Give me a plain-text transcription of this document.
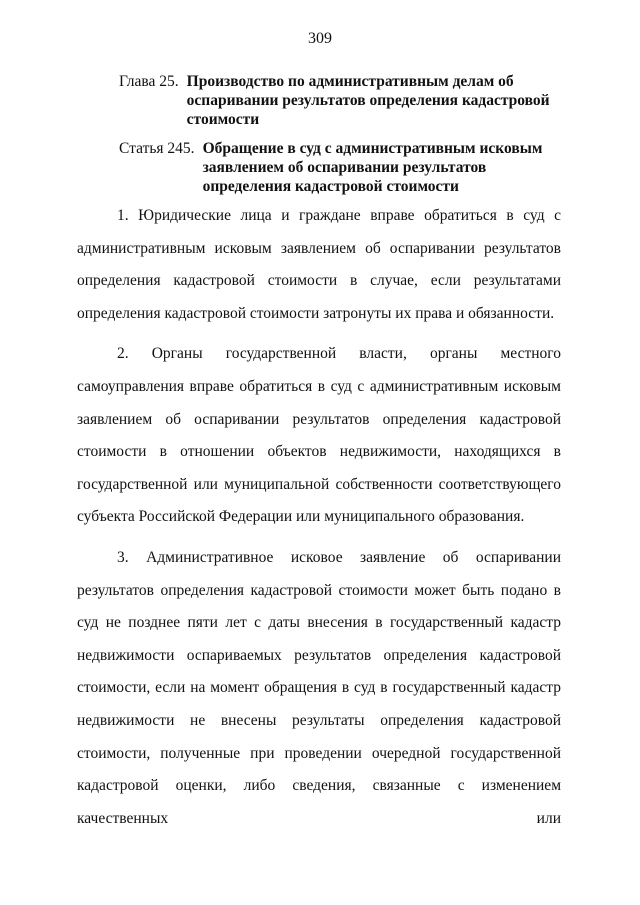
309
Глава 25. Производство по административным делам об оспаривании результатов определения кадастровой стоимости
Статья 245. Обращение в суд с административным исковым заявлением об оспаривании результатов определения кадастровой стоимости

1. Юридические лица и граждане вправе обратиться в суд с административным исковым заявлением об оспаривании результатов определения кадастровой стоимости в случае, если результатами определения кадастровой стоимости затронуты их права и обязанности.

2. Органы государственной власти, органы местного самоуправления вправе обратиться в суд с административным исковым заявлением об оспаривании результатов определения кадастровой стоимости в отношении объектов недвижимости, находящихся в государственной или муниципальной собственности соответствующего субъекта Российской Федерации или муниципального образования.

3. Административное исковое заявление об оспаривании результатов определения кадастровой стоимости может быть подано в суд не позднее пяти лет с даты внесения в государственный кадастр недвижимости оспариваемых результатов определения кадастровой стоимости, если на момент обращения в суд в государственный кадастр недвижимости не внесены результаты определения кадастровой стоимости, полученные при проведении очередной государственной кадастровой оценки, либо сведения, связанные с изменением качественных или
